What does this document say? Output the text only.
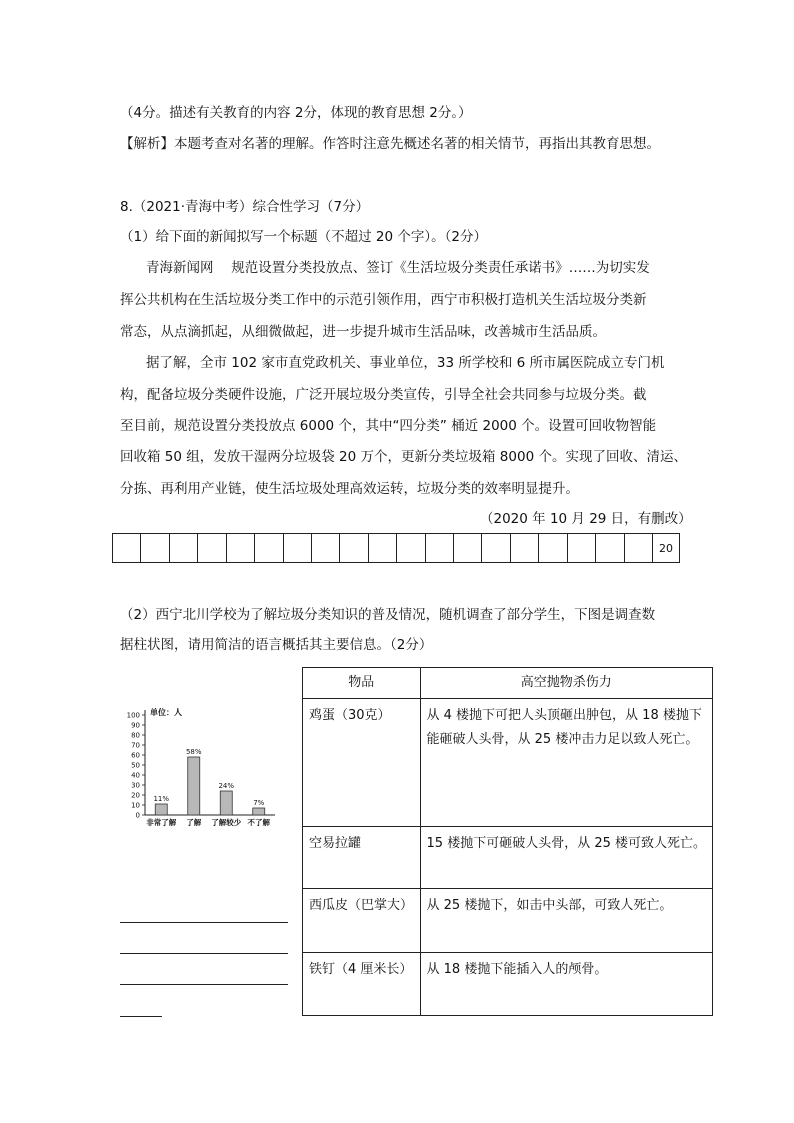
（4分。描述有关教育的内容 2分，体现的教育思想 2分。）
【解析】本题考查对名著的理解。作答时注意先概述名著的相关情节，再指出其教育思想。
8.（2021·青海中考）综合性学习（7分）
（1）给下面的新闻拟写一个标题（不超过 20 个字）。（2分）
青海新闻网　 规范设置分类投放点、签订《生活垃圾分类责任承诺书》……为切实发
挥公共机构在生活垃圾分类工作中的示范引领作用，西宁市积极打造机关生活垃圾分类新
常态，从点滴抓起，从细微做起，进一步提升城市生活品味，改善城市生活品质。
据了解，全市 102 家市直党政机关、事业单位，33 所学校和 6 所市属医院成立专门机
构，配备垃圾分类硬件设施，广泛开展垃圾分类宣传，引导全社会共同参与垃圾分类。截
至目前，规范设置分类投放点 6000 个，其中“四分类” 桶近 2000 个。设置可回收物智能
回收箱 50 组，发放干湿两分垃圾袋 20 万个，更新分类垃圾箱 8000 个。实现了回收、清运、
分拣、再利用产业链，使生活垃圾处理高效运转，垃圾分类的效率明显提升。
（2020 年 10 月 29 日，有删改）
20
（2）西宁北川学校为了解垃圾分类知识的普及情况，随机调查了部分学生，下图是调查数
据柱状图，请用简洁的语言概括其主要信息。（2分）
单位：人
0
10
20
30
40
50
60
70
80
90
100
11%
非常了解
58%
了解
24%
了解较少
7%
不了解
物品	高空抛物杀伤力
鸡蛋（30克）	从 4 楼抛下可把人头顶砸出肿包，从 18 楼抛下能砸破人头骨，从 25 楼冲击力足以致人死亡。
空易拉罐	15 楼抛下可砸破人头骨，从 25 楼可致人死亡。
西瓜皮（巴掌大）	从 25 楼抛下，如击中头部，可致人死亡。
铁钉（4 厘米长）	从 18 楼抛下能插入人的颅骨。
